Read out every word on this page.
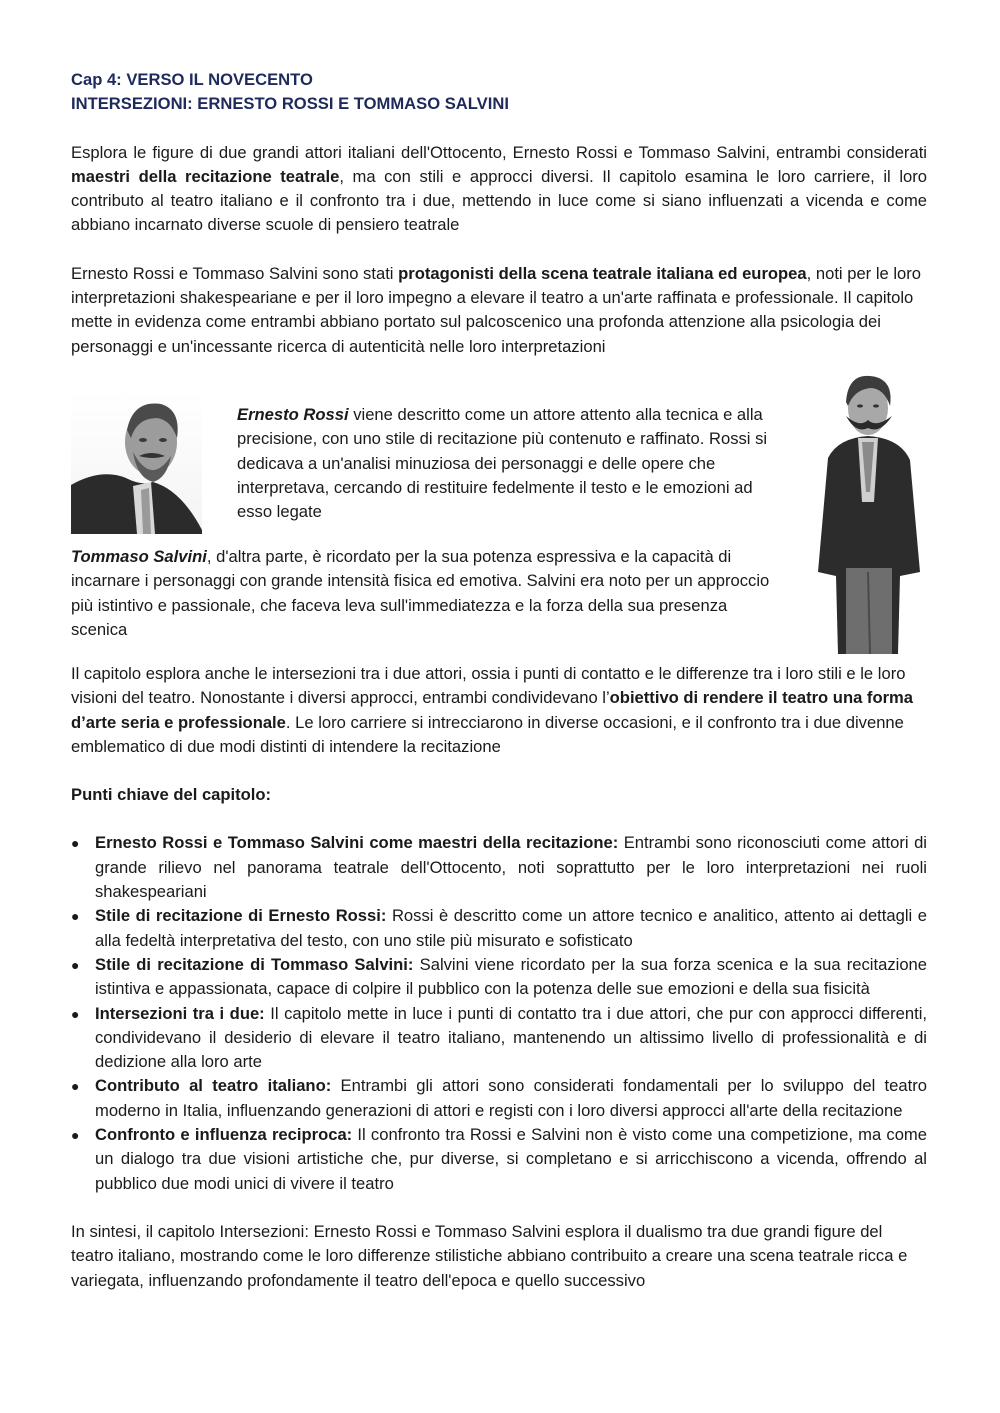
Cap 4: VERSO IL NOVECENTO

INTERSEZIONI: ERNESTO ROSSI E TOMMASO SALVINI

Esplora le figure di due grandi attori italiani dell'Ottocento, Ernesto Rossi e Tommaso Salvini, entrambi considerati maestri della recitazione teatrale, ma con stili e approcci diversi. Il capitolo esamina le loro carriere, il loro contributo al teatro italiano e il confronto tra i due, mettendo in luce come si siano influenzati a vicenda e come abbiano incarnato diverse scuole di pensiero teatrale

Ernesto Rossi e Tommaso Salvini sono stati protagonisti della scena teatrale italiana ed europea, noti per le loro interpretazioni shakespeariane e per il loro impegno a elevare il teatro a un'arte raffinata e professionale. Il capitolo mette in evidenza come entrambi abbiano portato sul palcoscenico una profonda attenzione alla psicologia dei personaggi e un'incessante ricerca di autenticità nelle loro interpretazioni

Ernesto Rossi viene descritto come un attore attento alla tecnica e alla precisione, con uno stile di recitazione più contenuto e raffinato. Rossi si dedicava a un'analisi minuziosa dei personaggi e delle opere che interpretava, cercando di restituire fedelmente il testo e le emozioni ad esso legate
Tommaso Salvini, d'altra parte, è ricordato per la sua potenza espressiva e la capacità di incarnare i personaggi con grande intensità fisica ed emotiva. Salvini era noto per un approccio più istintivo e passionale, che faceva leva sull'immediatezza e la forza della sua presenza scenica

Il capitolo esplora anche le intersezioni tra i due attori, ossia i punti di contatto e le differenze tra i loro stili e le loro visioni del teatro. Nonostante i diversi approcci, entrambi condividevano l’obiettivo di rendere il teatro una forma d’arte seria e professionale. Le loro carriere si intrecciarono in diverse occasioni, e il confronto tra i due divenne emblematico di due modi distinti di intendere la recitazione

Punti chiave del capitolo:

● Ernesto Rossi e Tommaso Salvini come maestri della recitazione: Entrambi sono riconosciuti come attori di grande rilievo nel panorama teatrale dell'Ottocento, noti soprattutto per le loro interpretazioni nei ruoli shakespeariani
● Stile di recitazione di Ernesto Rossi: Rossi è descritto come un attore tecnico e analitico, attento ai dettagli e alla fedeltà interpretativa del testo, con uno stile più misurato e sofisticato
● Stile di recitazione di Tommaso Salvini: Salvini viene ricordato per la sua forza scenica e la sua recitazione istintiva e appassionata, capace di colpire il pubblico con la potenza delle sue emozioni e della sua fisicità
● Intersezioni tra i due: Il capitolo mette in luce i punti di contatto tra i due attori, che pur con approcci differenti, condividevano il desiderio di elevare il teatro italiano, mantenendo un altissimo livello di professionalità e di dedizione alla loro arte
● Contributo al teatro italiano: Entrambi gli attori sono considerati fondamentali per lo sviluppo del teatro moderno in Italia, influenzando generazioni di attori e registi con i loro diversi approcci all'arte della recitazione
● Confronto e influenza reciproca: Il confronto tra Rossi e Salvini non è visto come una competizione, ma come un dialogo tra due visioni artistiche che, pur diverse, si completano e si arricchiscono a vicenda, offrendo al pubblico due modi unici di vivere il teatro

In sintesi, il capitolo Intersezioni: Ernesto Rossi e Tommaso Salvini esplora il dualismo tra due grandi figure del teatro italiano, mostrando come le loro differenze stilistiche abbiano contribuito a creare una scena teatrale ricca e variegata, influenzando profondamente il teatro dell'epoca e quello successivo
